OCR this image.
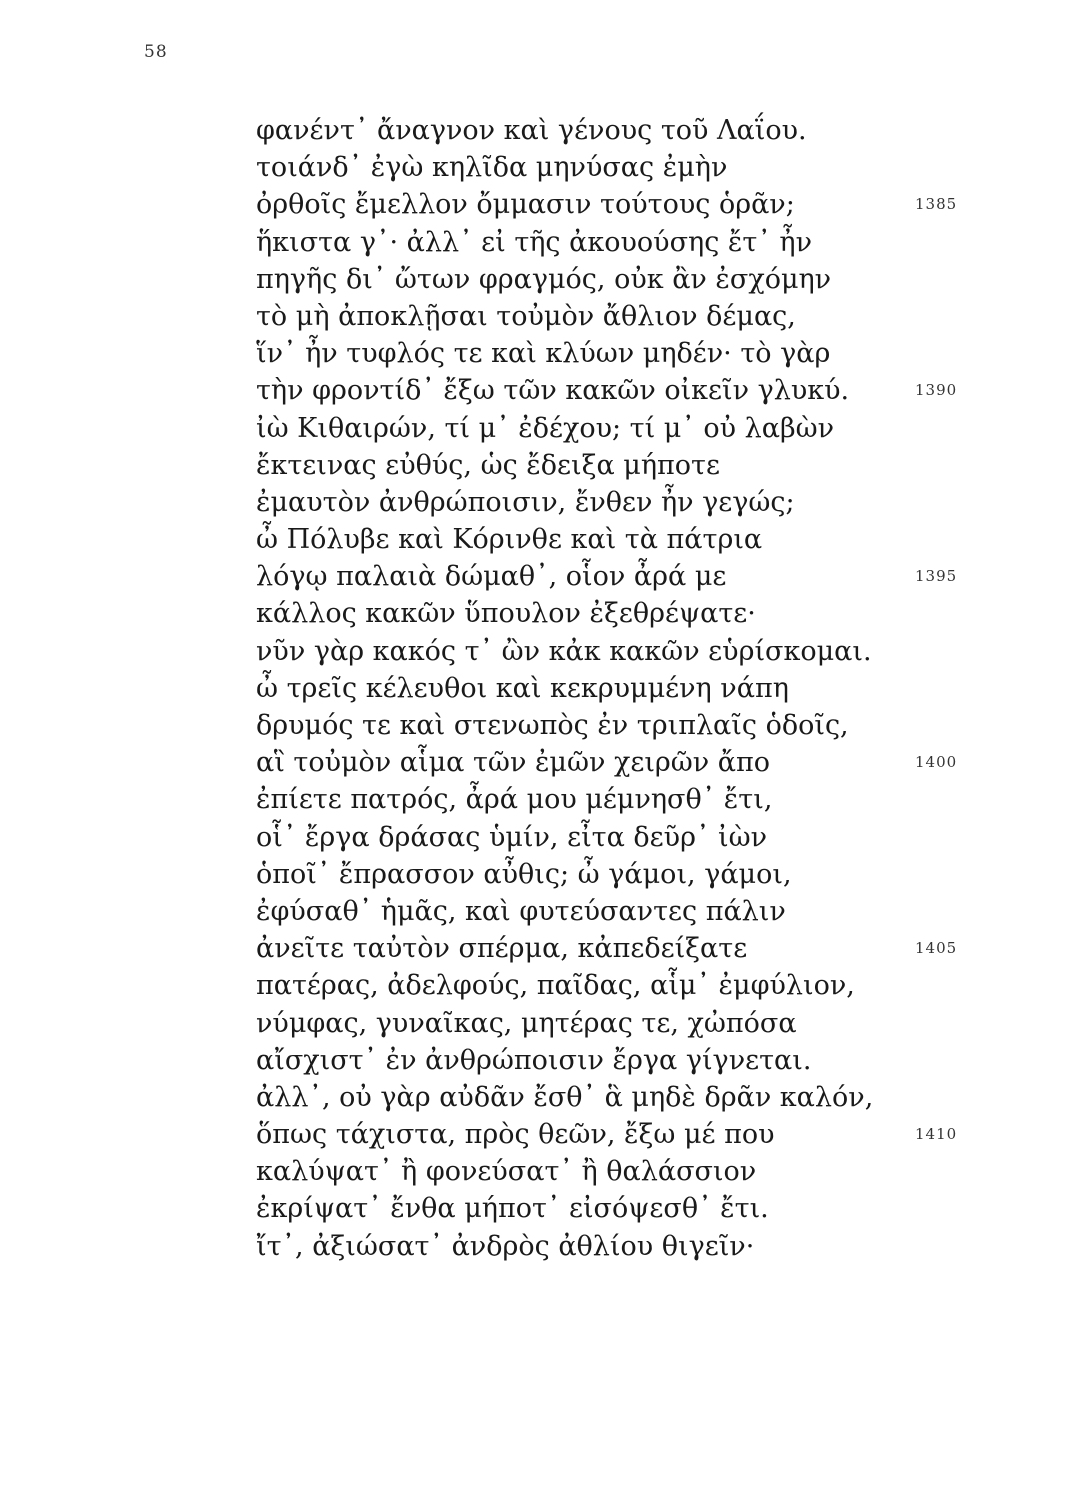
58
φανέντ᾽ ἄναγνον καὶ γένους τοῦ Λαΐου.
τοιάνδ᾽ ἐγὼ κηλῖδα μηνύσας ἐμὴν
ὀρθοῖς ἔμελλον ὄμμασιν τούτους ὁρᾶν;	1385
ἥκιστα γ᾽· ἀλλ᾽ εἰ τῆς ἀκουούσης ἔτ᾽ ἦν
πηγῆς δι᾽ ὤτων φραγμός, οὐκ ἂν ἐσχόμην
τὸ μὴ ἀποκλῇσαι τοὐμὸν ἄθλιον δέμας,
ἵν᾽ ἦν τυφλός τε καὶ κλύων μηδέν· τὸ γὰρ
τὴν φροντίδ᾽ ἔξω τῶν κακῶν οἰκεῖν γλυκύ.	1390
ἰὼ Κιθαιρών, τί μ᾽ ἐδέχου; τί μ᾽ οὐ λαβὼν
ἔκτεινας εὐθύς, ὡς ἔδειξα μήποτε
ἐμαυτὸν ἀνθρώποισιν, ἔνθεν ἦν γεγώς;
ὦ Πόλυβε καὶ Κόρινθε καὶ τὰ πάτρια
λόγῳ παλαιὰ δώμαθ᾽, οἷον ἆρά με	1395
κάλλος κακῶν ὕπουλον ἐξεθρέψατε·
νῦν γὰρ κακός τ᾽ ὢν κἀκ κακῶν εὑρίσκομαι.
ὦ τρεῖς κέλευθοι καὶ κεκρυμμένη νάπη
δρυμός τε καὶ στενωπὸς ἐν τριπλαῖς ὁδοῖς,
αἳ τοὐμὸν αἷμα τῶν ἐμῶν χειρῶν ἄπο	1400
ἐπίετε πατρός, ἆρά μου μέμνησθ᾽ ἔτι,
οἷ᾽ ἔργα δράσας ὑμίν, εἶτα δεῦρ᾽ ἰὼν
ὁποῖ᾽ ἔπρασσον αὖθις; ὦ γάμοι, γάμοι,
ἐφύσαθ᾽ ἡμᾶς, καὶ φυτεύσαντες πάλιν
ἀνεῖτε ταὐτὸν σπέρμα, κἀπεδείξατε	1405
πατέρας, ἀδελφούς, παῖδας, αἷμ᾽ ἐμφύλιον,
νύμφας, γυναῖκας, μητέρας τε, χὠπόσα
αἴσχιστ᾽ ἐν ἀνθρώποισιν ἔργα γίγνεται.
ἀλλ᾽, οὐ γὰρ αὐδᾶν ἔσθ᾽ ἃ μηδὲ δρᾶν καλόν,
ὅπως τάχιστα, πρὸς θεῶν, ἔξω μέ που	1410
καλύψατ᾽ ἢ φονεύσατ᾽ ἢ θαλάσσιον
ἐκρίψατ᾽ ἔνθα μήποτ᾽ εἰσόψεσθ᾽ ἔτι.
ἴτ᾽, ἀξιώσατ᾽ ἀνδρὸς ἀθλίου θιγεῖν·
